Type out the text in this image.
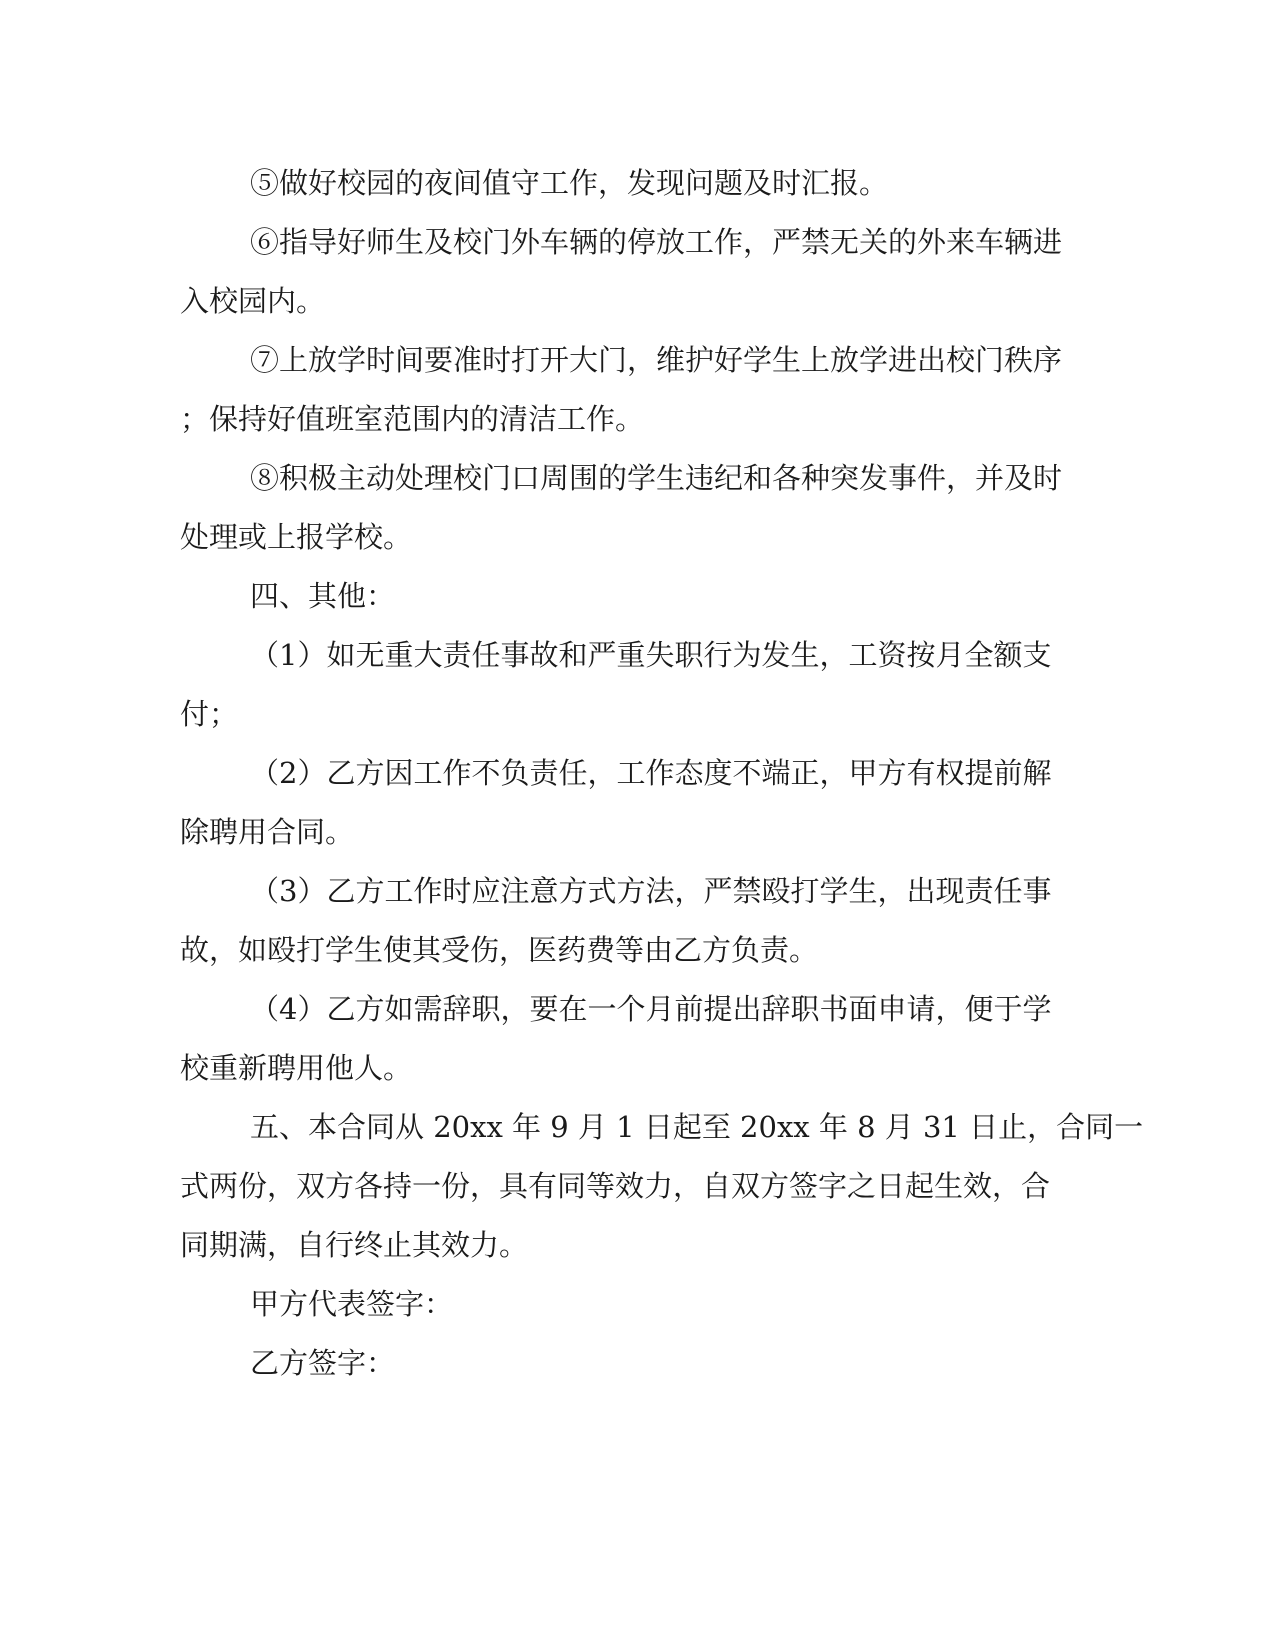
⑤做好校园的夜间值守工作，发现问题及时汇报。
⑥指导好师生及校门外车辆的停放工作，严禁无关的外来车辆进
入校园内。
⑦上放学时间要准时打开大门，维护好学生上放学进出校门秩序
；保持好值班室范围内的清洁工作。
⑧积极主动处理校门口周围的学生违纪和各种突发事件，并及时
处理或上报学校。
四、其他：
（1）如无重大责任事故和严重失职行为发生，工资按月全额支
付；
（2）乙方因工作不负责任，工作态度不端正，甲方有权提前解
除聘用合同。
（3）乙方工作时应注意方式方法，严禁殴打学生，出现责任事
故，如殴打学生使其受伤，医药费等由乙方负责。
（4）乙方如需辞职，要在一个月前提出辞职书面申请，便于学
校重新聘用他人。
五、本合同从 20xx 年 9 月 1 日起至 20xx 年 8 月 31 日止，合同一
式两份，双方各持一份，具有同等效力，自双方签字之日起生效，合
同期满，自行终止其效力。
甲方代表签字：
乙方签字：
